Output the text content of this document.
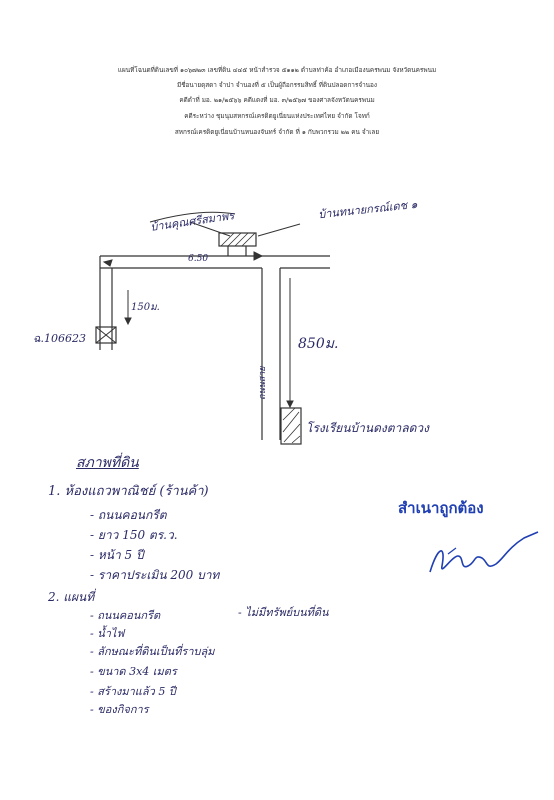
แผนที่โฉนดที่ดินเลขที่ ๑๐๖๗๒๓ เลขที่ดิน ๔๔๕ หน้าสำรวจ ๕๑๑๒ ตำบลท่าค้อ อำเภอเมืองนครพนม จังหวัดนครพนม
มีชื่อนายดุสดา จำปา จำนองที่ ๕ เป็นผู้ถือกรรมสิทธิ์ ที่ดินปลอดการจำนอง
คดีดำที่ มอ. ๒๑/๒๕๖๖ คดีแดงที่ มอ. ๓/๒๕๖๗ ของศาลจังหวัดนครพนม
คดีระหว่าง ชุมนุมสหกรณ์เครดิตยูเนี่ยนแห่งประเทศไทย จำกัด โจทก์
สหกรณ์เครดิตยูเนี่ยนบ้านหนองจันทร์ จำกัด ที่ ๑ กับพวกรวม ๒๒ คน จำเลย
บ้านคุณศรีสมาพร	บ้านทนายกรณ์เดช ๑
6.50
150ม.
ฉ.106623	850ม.
ถนนสาย
โรงเรียนบ้านดงตาลดวง
สภาพที่ดิน
1. ห้องแถวพาณิชย์ (ร้านค้า)
- ถนนคอนกรีต
- ยาว 150 ตร.ว.
- หน้า 5 ปี
- ราคาประเมิน 200 บาท
2. แผนที่
- ถนนคอนกรีต	- ไม่มีทรัพย์บนที่ดิน
- น้ำไฟ
- ลักษณะที่ดินเป็นที่ราบลุ่ม
- ขนาด 3x4 เมตร
- สร้างมาแล้ว 5 ปี
- ของกิจการ
สำเนาถูกต้อง
